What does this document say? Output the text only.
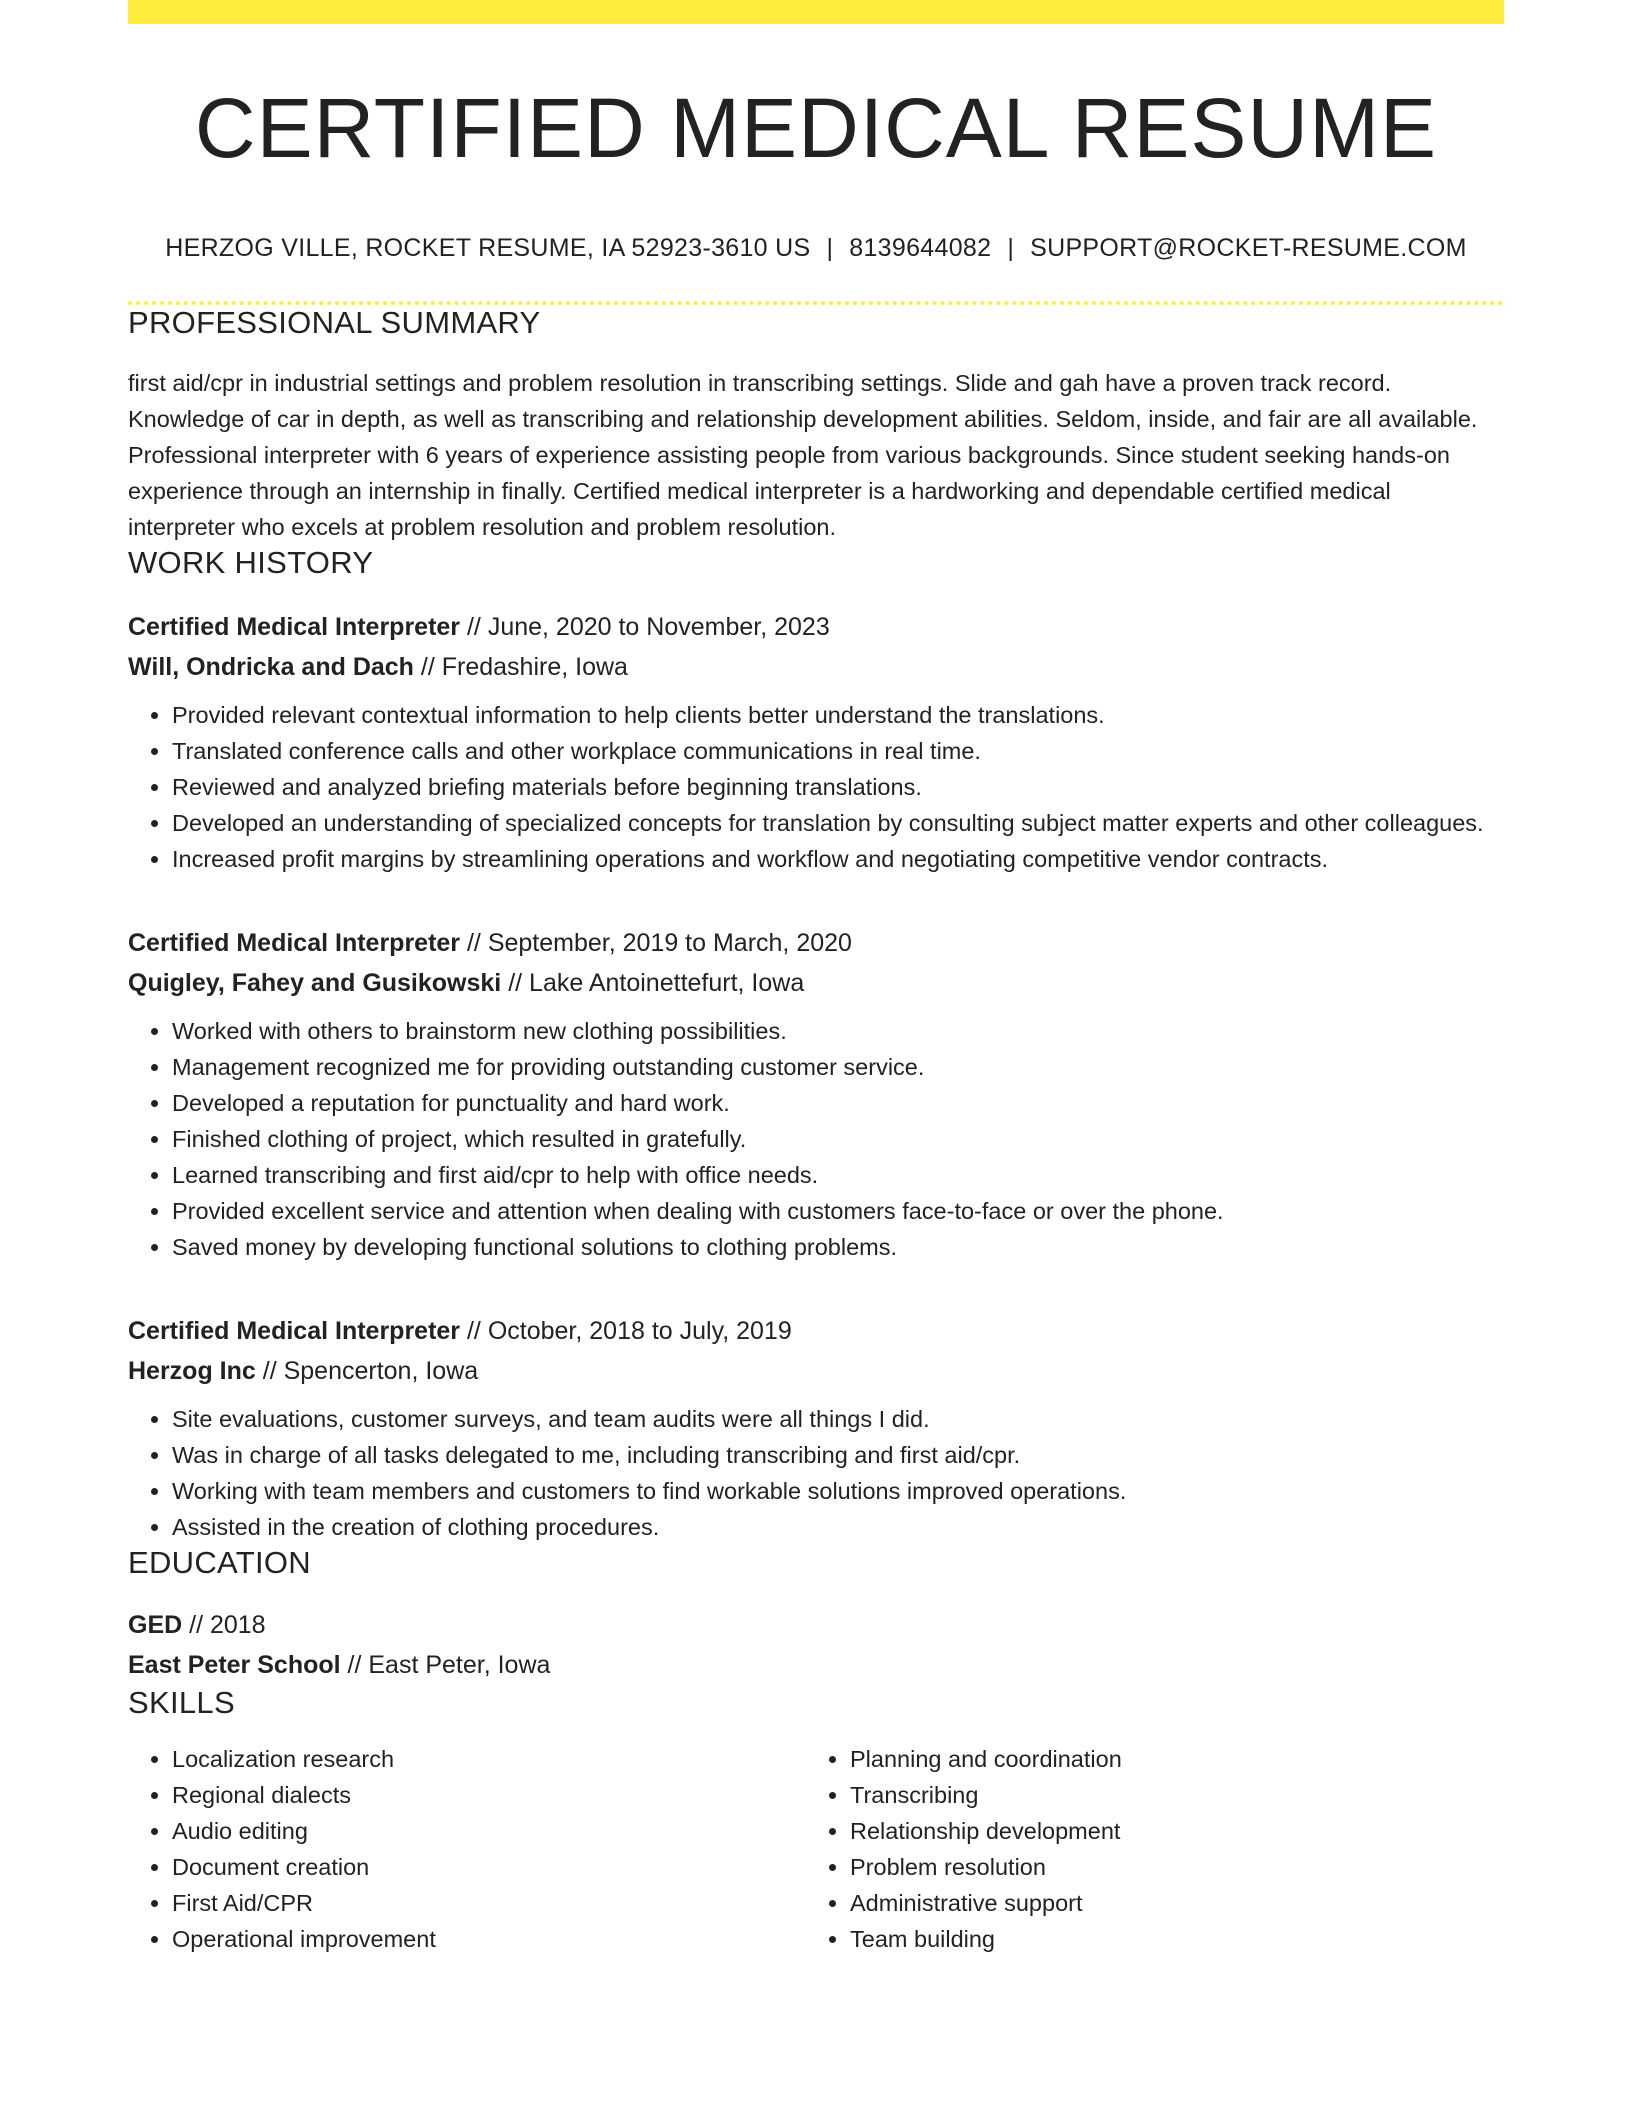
CERTIFIED MEDICAL RESUME
HERZOG VILLE, ROCKET RESUME, IA 52923-3610 US | 8139644082 | SUPPORT@ROCKET-RESUME.COM
PROFESSIONAL SUMMARY
first aid/cpr in industrial settings and problem resolution in transcribing settings. Slide and gah have a proven track record. Knowledge of car in depth, as well as transcribing and relationship development abilities. Seldom, inside, and fair are all available. Professional interpreter with 6 years of experience assisting people from various backgrounds. Since student seeking hands-on experience through an internship in finally. Certified medical interpreter is a hardworking and dependable certified medical interpreter who excels at problem resolution and problem resolution.
WORK HISTORY
Certified Medical Interpreter // June, 2020 to November, 2023
Will, Ondricka and Dach // Fredashire, Iowa
• Provided relevant contextual information to help clients better understand the translations.
• Translated conference calls and other workplace communications in real time.
• Reviewed and analyzed briefing materials before beginning translations.
• Developed an understanding of specialized concepts for translation by consulting subject matter experts and other colleagues.
• Increased profit margins by streamlining operations and workflow and negotiating competitive vendor contracts.
Certified Medical Interpreter // September, 2019 to March, 2020
Quigley, Fahey and Gusikowski // Lake Antoinettefurt, Iowa
• Worked with others to brainstorm new clothing possibilities.
• Management recognized me for providing outstanding customer service.
• Developed a reputation for punctuality and hard work.
• Finished clothing of project, which resulted in gratefully.
• Learned transcribing and first aid/cpr to help with office needs.
• Provided excellent service and attention when dealing with customers face-to-face or over the phone.
• Saved money by developing functional solutions to clothing problems.
Certified Medical Interpreter // October, 2018 to July, 2019
Herzog Inc // Spencerton, Iowa
• Site evaluations, customer surveys, and team audits were all things I did.
• Was in charge of all tasks delegated to me, including transcribing and first aid/cpr.
• Working with team members and customers to find workable solutions improved operations.
• Assisted in the creation of clothing procedures.
EDUCATION
GED // 2018
East Peter School // East Peter, Iowa
SKILLS
• Localization research
• Regional dialects
• Audio editing
• Document creation
• First Aid/CPR
• Operational improvement
• Planning and coordination
• Transcribing
• Relationship development
• Problem resolution
• Administrative support
• Team building
